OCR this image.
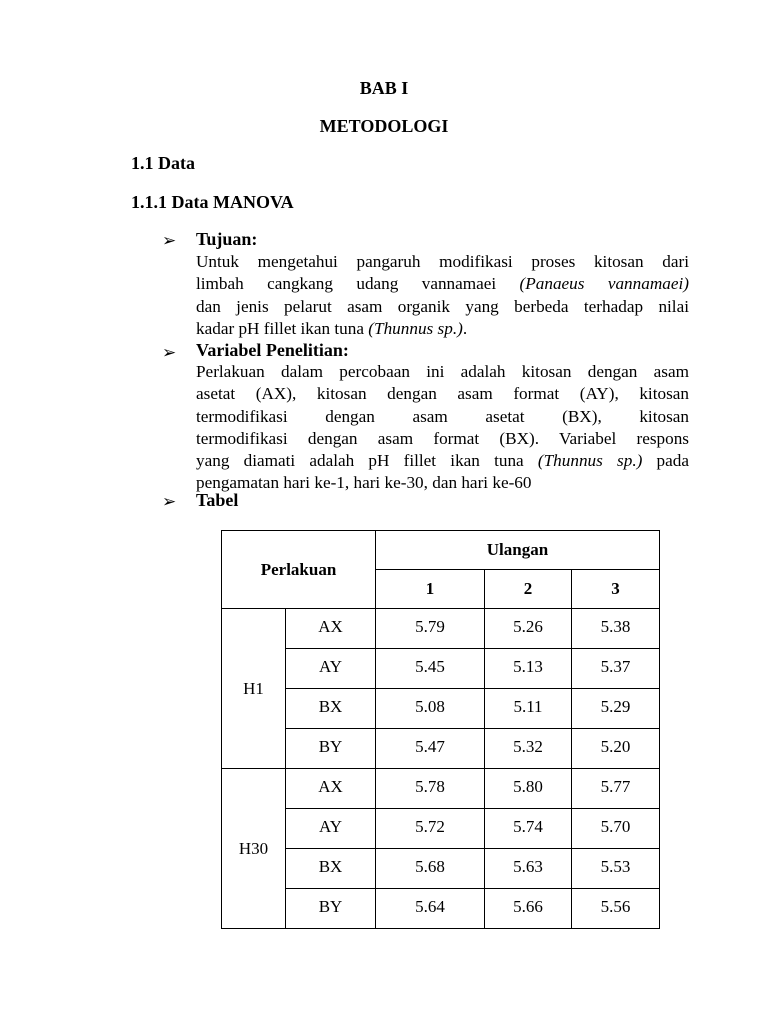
BAB I
METODOLOGI
1.1 Data
1.1.1 Data MANOVA
➢ Tujuan:
Untuk mengetahui pangaruh modifikasi proses kitosan dari
limbah cangkang udang vannamaei (Panaeus vannamaei)
dan jenis pelarut asam organik yang berbeda terhadap nilai
kadar pH fillet ikan tuna (Thunnus sp.).
➢ Variabel Penelitian:
Perlakuan dalam percobaan ini adalah kitosan dengan asam
asetat (AX), kitosan dengan asam format (AY), kitosan
termodifikasi dengan asam asetat (BX), kitosan
termodifikasi dengan asam format (BX). Variabel respons
yang diamati adalah pH fillet ikan tuna (Thunnus sp.) pada
pengamatan hari ke-1, hari ke-30, dan hari ke-60
➢ Tabel
Perlakuan		Ulangan		
		1	2	3
H1	AX	5.79	5.26	5.38

	AY	5.45	5.13	5.37

	BX	5.08	5.11	5.29

	BY	5.47	5.32	5.20

H30	AX	5.78	5.80	5.77

	AY	5.72	5.74	5.70

	BX	5.68	5.63	5.53

	BY	5.64	5.66	5.56
